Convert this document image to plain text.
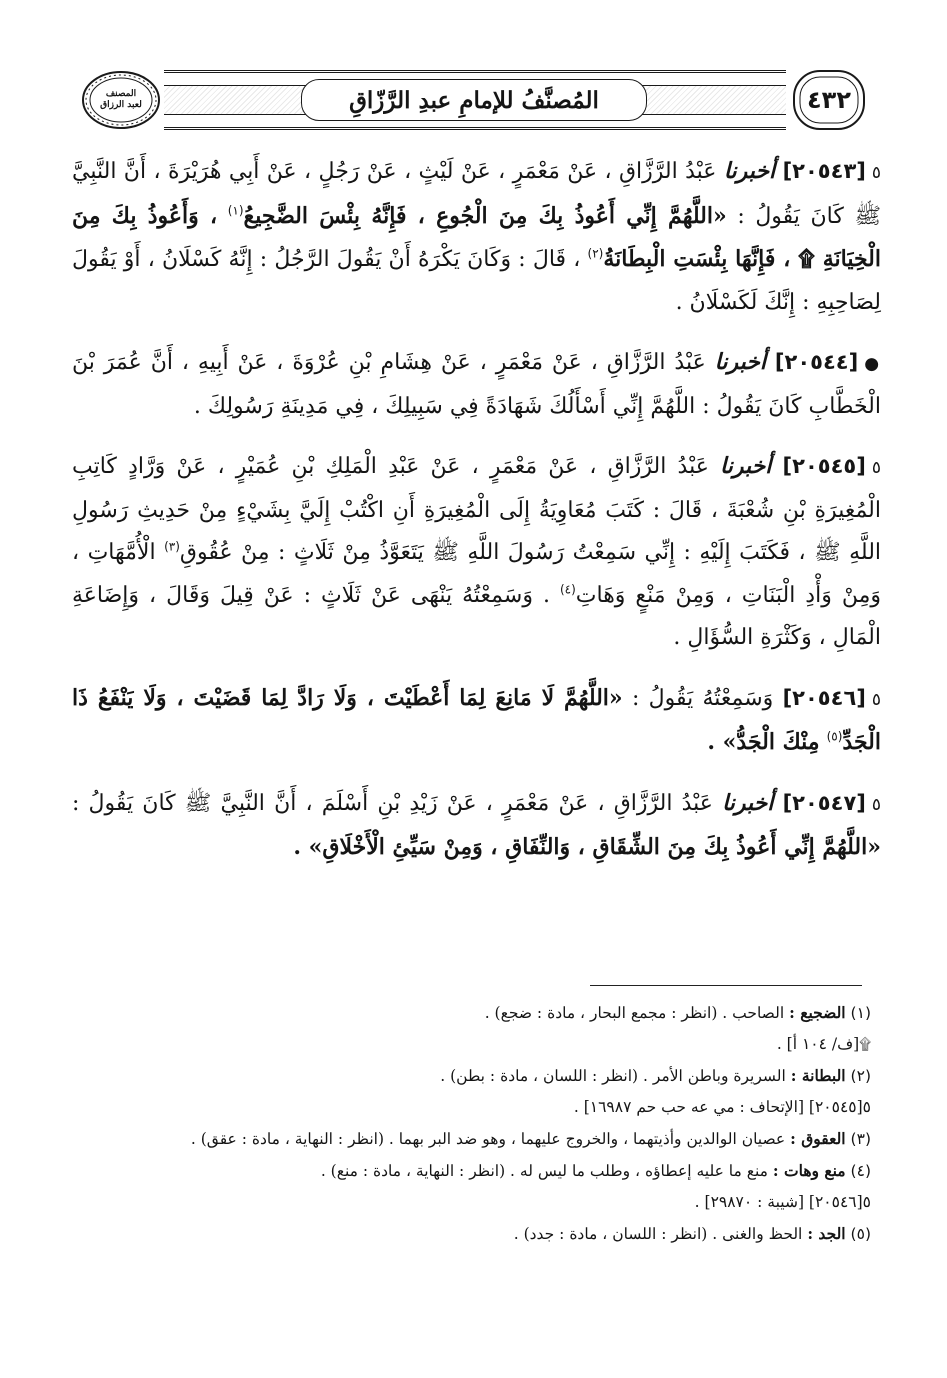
٤٣٢
المُصنَّفُ للإمامِ عبدِ الرَّزّاقِ
المصنف
لعبد الرزاق

٥[٢٠٥٤٣] أخبرنا عَبْدُ الرَّزَّاقِ ، عَنْ مَعْمَرٍ ، عَنْ لَيْثٍ ، عَنْ رَجُلٍ ، عَنْ أَبِي هُرَيْرَةَ ، أَنَّ النَّبِيَّ ﷺ كَانَ يَقُولُ : «اللَّهُمَّ إِنِّي أَعُوذُ بِكَ مِنَ الْجُوعِ ، فَإِنَّهُ بِئْسَ الضَّجِيعُ$^{(١)}$ ، وَأَعُوذُ بِكَ مِنَ الْخِيَانَةِ ۩ ، فَإِنَّهَا بِئْسَتِ الْبِطَانَةُ$^{(٢)}$ ، قَالَ : وَكَانَ يَكْرَهُ أَنْ يَقُولَ الرَّجُلُ : إِنَّهُ كَسْلَانُ ، أَوْ يَقُولَ لِصَاحِبِهِ : إِنَّكَ لَكَسْلَانُ .

●[٢٠٥٤٤] أخبرنا عَبْدُ الرَّزَّاقِ ، عَنْ مَعْمَرٍ ، عَنْ هِشَامِ بْنِ عُرْوَةَ ، عَنْ أَبِيهِ ، أَنَّ عُمَرَ بْنَ الْخَطَّابِ كَانَ يَقُولُ : اللَّهُمَّ إِنِّي أَسْأَلُكَ شَهَادَةً فِي سَبِيلِكَ ، فِي مَدِينَةِ رَسُولِكَ .

٥[٢٠٥٤٥] أخبرنا عَبْدُ الرَّزَّاقِ ، عَنْ مَعْمَرٍ ، عَنْ عَبْدِ الْمَلِكِ بْنِ عُمَيْرٍ ، عَنْ وَرَّادٍ كَاتِبِ الْمُغِيرَةِ بْنِ شُعْبَةَ ، قَالَ : كَتَبَ مُعَاوِيَةُ إِلَى الْمُغِيرَةِ أَنِ اكْتُبْ إِلَيَّ بِشَيْءٍ مِنْ حَدِيثِ رَسُولِ اللَّهِ ﷺ ، فَكَتَبَ إِلَيْهِ : إِنِّي سَمِعْتُ رَسُولَ اللَّهِ ﷺ يَتَعَوَّذُ مِنْ ثَلَاثٍ : مِنْ عُقُوقِ$^{(٣)}$ الْأُمَّهَاتِ ، وَمِنْ وَأْدِ الْبَنَاتِ ، وَمِنْ مَنْعٍ وَهَاتِ$^{(٤)}$ . وَسَمِعْتُهُ يَنْهَى عَنْ ثَلَاثٍ : عَنْ قِيلَ وَقَالَ ، وَإِضَاعَةِ الْمَالِ ، وَكَثْرَةِ السُّؤَالِ .

٥[٢٠٥٤٦] وَسَمِعْتُهُ يَقُولُ : «اللَّهُمَّ لَا مَانِعَ لِمَا أَعْطَيْتَ ، وَلَا رَادَّ لِمَا قَضَيْتَ ، وَلَا يَنْفَعُ ذَا الْجَدِّ$^{(٥)}$ مِنْكَ الْجَدُّ» .

٥[٢٠٥٤٧] أخبرنا عَبْدُ الرَّزَّاقِ ، عَنْ مَعْمَرٍ ، عَنْ زَيْدِ بْنِ أَسْلَمَ ، أَنَّ النَّبِيَّ ﷺ كَانَ يَقُولُ : «اللَّهُمَّ إِنِّي أَعُوذُ بِكَ مِنَ الشِّقَاقِ ، وَالنِّفَاقِ ، وَمِنْ سَيِّئِ الْأَخْلَاقِ» .

(١) الضجيع : الصاحب . (انظر : مجمع البحار ، مادة : ضجع) .
۩[ف/ ١٠٤ أ] .
(٢) البطانة : السريرة وباطن الأمر . (انظر : اللسان ، مادة : بطن) .
٥[٢٠٥٤٥] [الإتحاف : مي عه حب حم ١٦٩٨٧] .
(٣) العقوق : عصيان الوالدين وأذيتهما ، والخروج عليهما ، وهو ضد البر بهما . (انظر : النهاية ، مادة : عقق) .
(٤) منع وهات : منع ما عليه إعطاؤه ، وطلب ما ليس له . (انظر : النهاية ، مادة : منع) .
٥[٢٠٥٤٦] [شيبة : ٢٩٨٧٠] .
(٥) الجد : الحظ والغنى . (انظر : اللسان ، مادة : جدد) .
